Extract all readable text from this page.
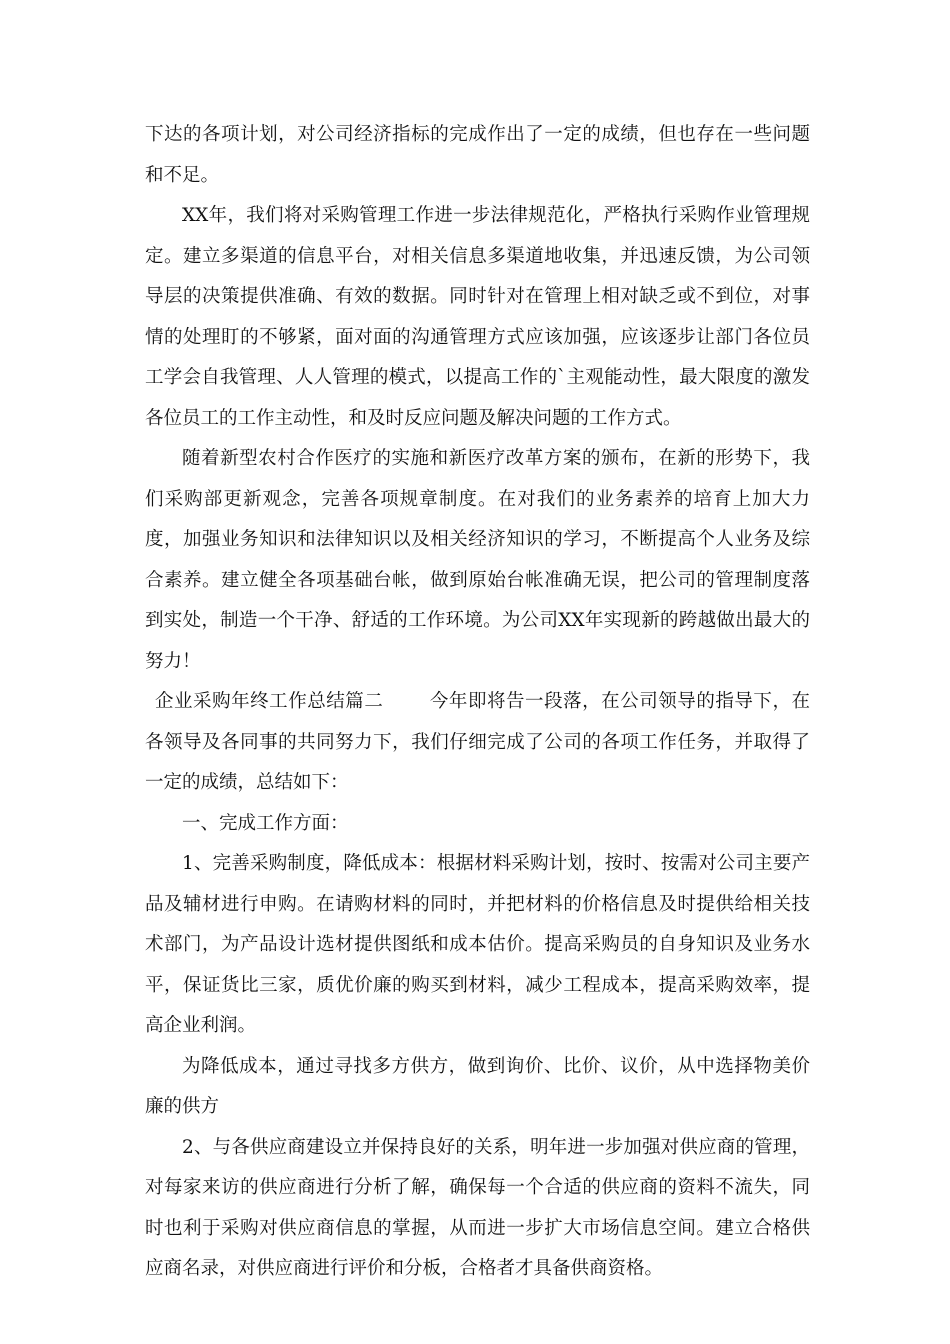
下达的各项计划，对公司经济指标的完成作出了一定的成绩，但也存在一些问题和不足。

XX年，我们将对采购管理工作进一步法律规范化，严格执行采购作业管理规定。建立多渠道的信息平台，对相关信息多渠道地收集，并迅速反馈，为公司领导层的决策提供准确、有效的数据。同时针对在管理上相对缺乏或不到位，对事情的处理盯的不够紧，面对面的沟通管理方式应该加强，应该逐步让部门各位员工学会自我管理、人人管理的模式，以提高工作的`主观能动性，最大限度的激发各位员工的工作主动性，和及时反应问题及解决问题的工作方式。

随着新型农村合作医疗的实施和新医疗改革方案的颁布，在新的形势下，我们采购部更新观念，完善各项规章制度。在对我们的业务素养的培育上加大力度，加强业务知识和法律知识以及相关经济知识的学习，不断提高个人业务及综合素养。建立健全各项基础台帐，做到原始台帐准确无误，把公司的管理制度落到实处，制造一个干净、舒适的工作环境。为公司XX年实现新的跨越做出最大的努力！

企业采购年终工作总结篇二 今年即将告一段落，在公司领导的指导下，在各领导及各同事的共同努力下，我们仔细完成了公司的各项工作任务，并取得了一定的成绩，总结如下：

一、完成工作方面：

1、完善采购制度，降低成本：根据材料采购计划，按时、按需对公司主要产品及辅材进行申购。在请购材料的同时，并把材料的价格信息及时提供给相关技术部门，为产品设计选材提供图纸和成本估价。提高采购员的自身知识及业务水平，保证货比三家，质优价廉的购买到材料，减少工程成本，提高采购效率，提高企业利润。

为降低成本，通过寻找多方供方，做到询价、比价、议价，从中选择物美价廉的供方

2、与各供应商建设立并保持良好的关系，明年进一步加强对供应商的管理，对每家来访的供应商进行分析了解，确保每一个合适的供应商的资料不流失，同时也利于采购对供应商信息的掌握，从而进一步扩大市场信息空间。建立合格供应商名录，对供应商进行评价和分板，合格者才具备供商资格。
